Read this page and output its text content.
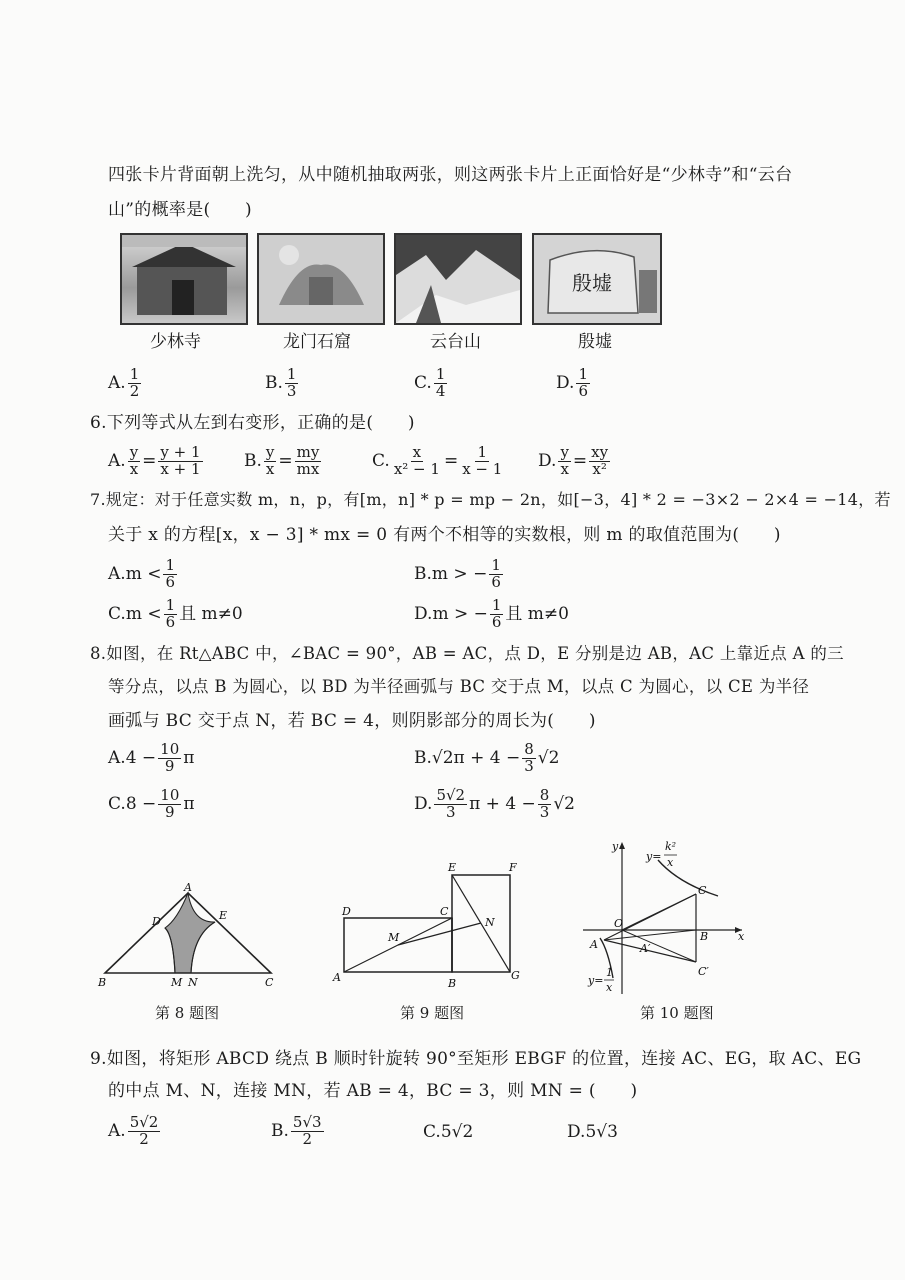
四张卡片背面朝上洗匀，从中随机抽取两张，则这两张卡片上正面恰好是“少林寺”和“云台
山”的概率是(　　)
殷墟
少林寺	龙门石窟	云台山	殷墟
A. $\frac{1}{2}$	B. $\frac{1}{3}$	C. $\frac{1}{4}$	D. $\frac{1}{6}$
6.下列等式从左到右变形，正确的是(　　)
A. $\frac{y}{x} = \frac{y + 1}{x + 1} B$. $\frac{y}{x} = \frac{my}{mx}$	C. $\frac{x}{\text{x² − 1}} = \frac{1}{x - 1} D$. $\frac{y}{x} = \frac{xy}{\text{x²}}$
7.规定：对于任意实数 m，n，p，有[m，n] * p = mp − 2n，如[−3，4] * 2 = −3×2 − 2×4 = −14，若
关于 x 的方程[x，x − 3] * mx = 0 有两个不相等的实数根，则 m 的取值范围为(　　)
$A.m < \frac{1}{6}$	B.m > − $\frac{1}{6}$
$C.m < \frac{1}{6}$ 且 m≠0	D.m > − $\frac{1}{6}$ 且 m≠0
8.如图，在 Rt△ABC 中，∠BAC = 90°，AB = AC，点 D，E 分别是边 AB，AC 上靠近点 A 的三
等分点，以点 B 为圆心，以 BD 为半径画弧与 BC 交于点 M，以点 C 为圆心，以 CE 为半径
画弧与 BC 交于点 N，若 BC = 4，则阴影部分的周长为(　　)
$A.4 - \frac{10}{9}$ π	$B.√2\pi + 4 - \frac{8}{3} √2$
$C.8 - \frac{10}{9}$ π	D. $\frac{5√2}{3}$ $\pi + 4 - \frac{8}{3} √2$
A
D	E
B	M N	C
第 8 题图
E	F
D	C
M
N
A	B
G
第 9 题图
y
y=
k²
x
C
O
A	A′
B	x
C′
y=
1
x
第 10 题图
9.如图，将矩形 ABCD 绕点 B 顺时针旋转 90°至矩形 EBGF 的位置，连接 AC、EG，取 AC、EG
的中点 M、N，连接 MN，若 AB = 4，BC = 3，则 MN = (　　)
A. $\frac{5√2}{2}$	B. $\frac{5√3}{2}$	C.5√2	D.5√3
